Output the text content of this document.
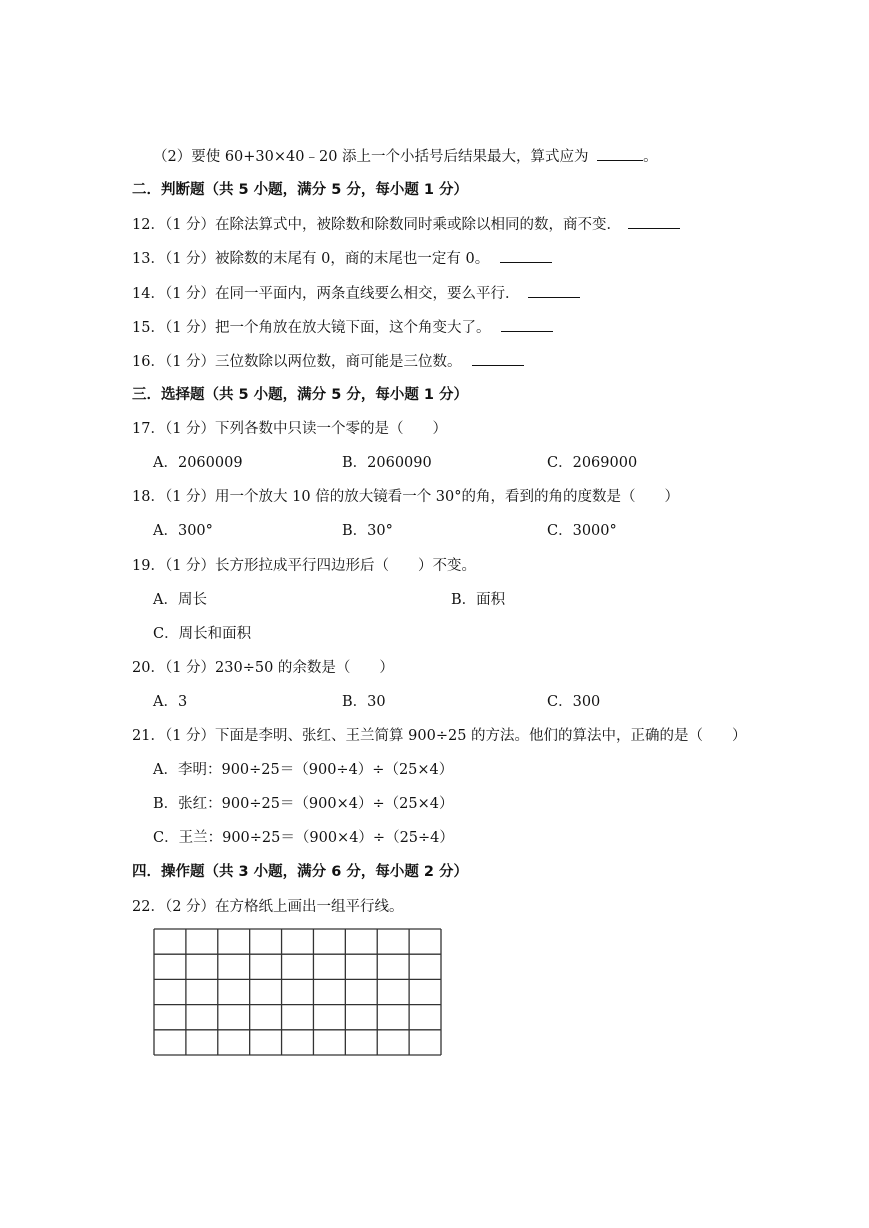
（2）要使 60+30×40﹣20 添上一个小括号后结果最大，算式应为	。
二．判断题（共 5 小题，满分 5 分，每小题 1 分）
12．（1 分）在除法算式中，被除数和除数同时乘或除以相同的数，商不变．
13．（1 分）被除数的末尾有 0，商的末尾也一定有 0。
14．（1 分）在同一平面内，两条直线要么相交，要么平行．
15．（1 分）把一个角放在放大镜下面，这个角变大了。
16．（1 分）三位数除以两位数，商可能是三位数。
三．选择题（共 5 小题，满分 5 分，每小题 1 分）
17．（1 分）下列各数中只读一个零的是（　　）
A．2060009	B．2060090	C．2069000
18．（1 分）用一个放大 10 倍的放大镜看一个 30°的角，看到的角的度数是（　　）
A．300°	B．30°	C．3000°
19．（1 分）长方形拉成平行四边形后（　　）不变。
A．周长	B．面积
C．周长和面积
20．（1 分）230÷50 的余数是（　　）
A．3	B．30	C．300
21．（1 分）下面是李明、张红、王兰简算 900÷25 的方法。他们的算法中，正确的是（　　）
A．李明：900÷25＝（900÷4）÷（25×4）
B．张红：900÷25＝（900×4）÷（25×4）
C．王兰：900÷25＝（900×4）÷（25÷4）
四．操作题（共 3 小题，满分 6 分，每小题 2 分）
22．（2 分）在方格纸上画出一组平行线。
